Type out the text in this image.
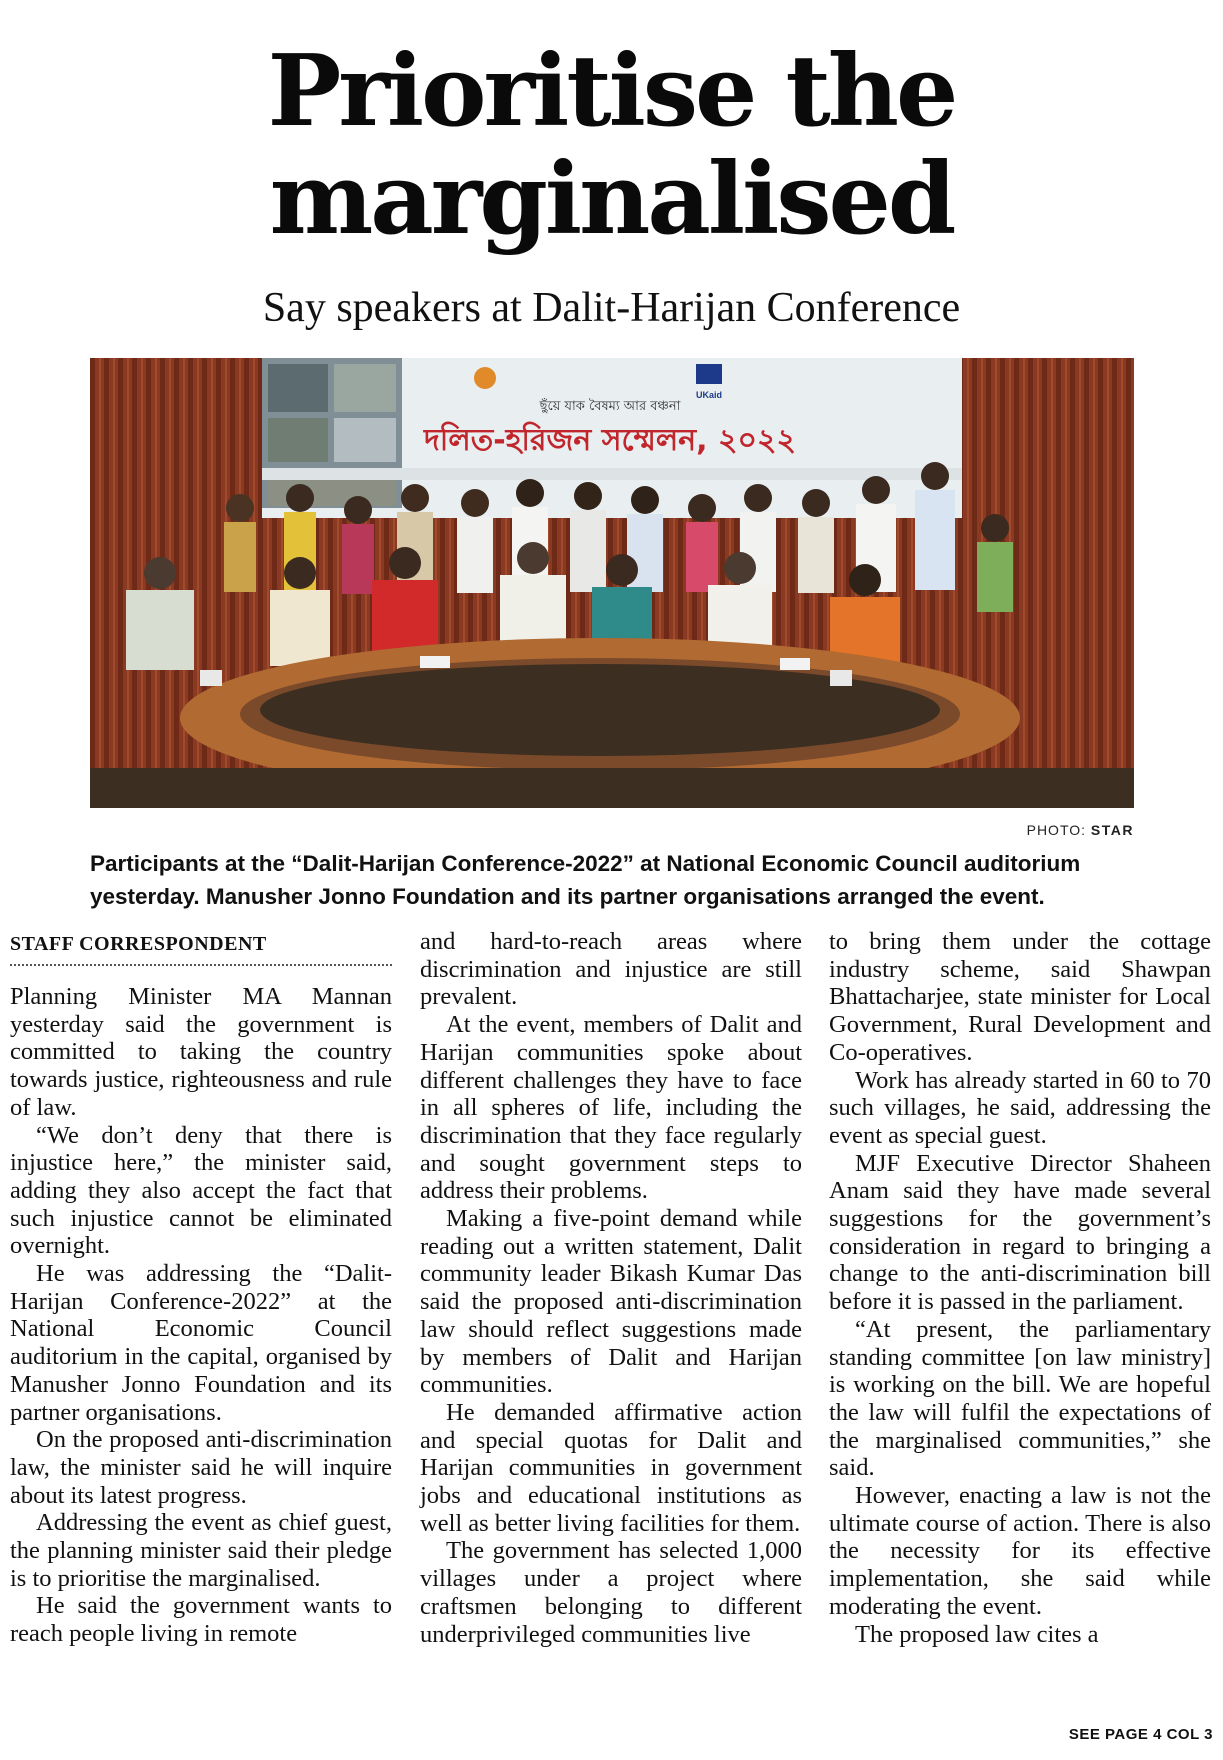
Prioritise the marginalised
Say speakers at Dalit-Harijan Conference
UKaid
ছুঁয়ে যাক বৈষম্য আর বঞ্চনা
দলিত-হরিজন সম্মেলন, ২০২২
PHOTO: STAR

Participants at the “Dalit-Harijan Conference-2022” at National Economic Council auditorium yesterday. Manusher Jonno Foundation and its partner organisations arranged the event.

STAFF CORRESPONDENT

Planning Minister MA Mannan yesterday said the government is committed to taking the country towards justice, righteousness and rule of law.

“We don’t deny that there is injustice here,” the minister said, adding they also accept the fact that such injustice cannot be eliminated overnight.

He was addressing the “Dalit-Harijan Conference-2022” at the National Economic Council auditorium in the capital, organised by Manusher Jonno Foundation and its partner organisations.

On the proposed anti-discrimination law, the minister said he will inquire about its latest progress.

Addressing the event as chief guest, the planning minister said their pledge is to prioritise the marginalised.

He said the government wants to reach people living in remote

and hard-to-reach areas where discrimination and injustice are still prevalent.

At the event, members of Dalit and Harijan communities spoke about different challenges they have to face in all spheres of life, including the discrimination that they face regularly and sought government steps to address their problems.

Making a five-point demand while reading out a written statement, Dalit community leader Bikash Kumar Das said the proposed anti-discrimination law should reflect suggestions made by members of Dalit and Harijan communities.

He demanded affirmative action and special quotas for Dalit and Harijan communities in government jobs and educational institutions as well as better living facilities for them.

The government has selected 1,000 villages under a project where craftsmen belonging to different underprivileged communities live

to bring them under the cottage industry scheme, said Shawpan Bhattacharjee, state minister for Local Government, Rural Development and Co-operatives.

Work has already started in 60 to 70 such villages, he said, addressing the event as special guest.

MJF Executive Director Shaheen Anam said they have made several suggestions for the government’s consideration in regard to bringing a change to the anti-discrimination bill before it is passed in the parliament.

“At present, the parliamentary standing committee [on law ministry] is working on the bill. We are hopeful the law will fulfil the expectations of the marginalised communities,” she said.

However, enacting a law is not the ultimate course of action. There is also the necessity for its effective implementation, she said while moderating the event.

The proposed law cites a

SEE PAGE 4 COL 3
